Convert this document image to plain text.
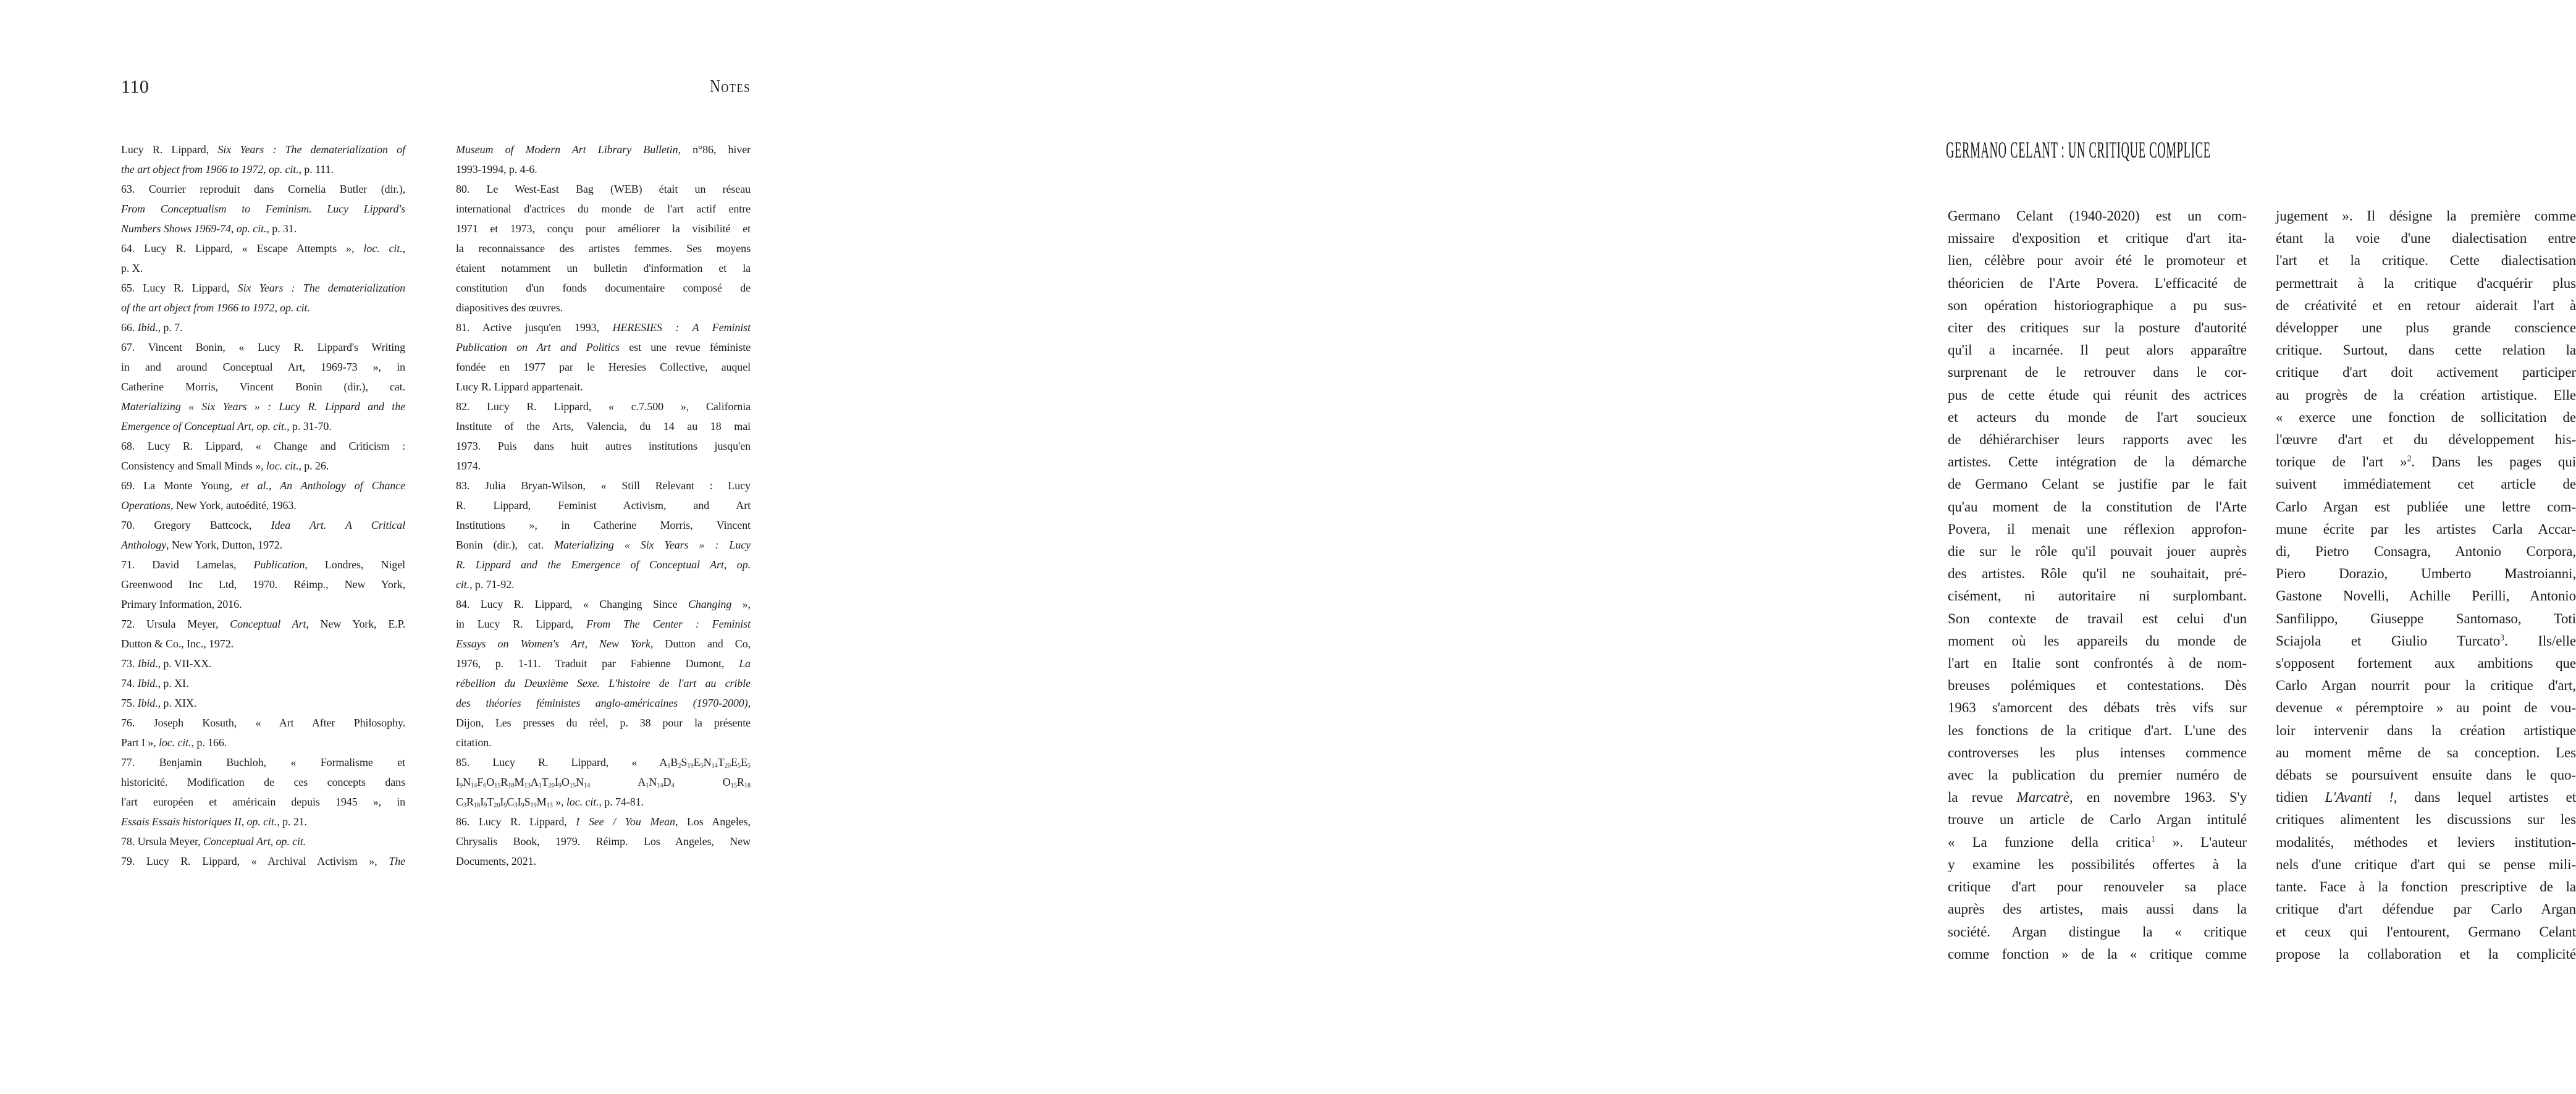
110	Notes
Lucy R. Lippard, Six Years : The dematerialization of
the art object from 1966 to 1972, op. cit., p. 111.
63. Courrier reproduit dans Cornelia Butler (dir.),
From Conceptualism to Feminism. Lucy Lippard's
Numbers Shows 1969-74, op. cit., p. 31.
64. Lucy R. Lippard, « Escape Attempts », loc. cit.,
p. X.
65. Lucy R. Lippard, Six Years : The dematerialization
of the art object from 1966 to 1972, op. cit.
66. Ibid., p. 7.
67. Vincent Bonin, « Lucy R. Lippard's Writing
in and around Conceptual Art, 1969-73 », in
Catherine Morris, Vincent Bonin (dir.), cat.
Materializing « Six Years » : Lucy R. Lippard and the
Emergence of Conceptual Art, op. cit., p. 31-70.
68. Lucy R. Lippard, « Change and Criticism :
Consistency and Small Minds », loc. cit., p. 26.
69. La Monte Young, et al., An Anthology of Chance
Operations, New York, autoédité, 1963.
70. Gregory Battcock, Idea Art. A Critical
Anthology, New York, Dutton, 1972.
71. David Lamelas, Publication, Londres, Nigel
Greenwood Inc Ltd, 1970. Réimp., New York,
Primary Information, 2016.
72. Ursula Meyer, Conceptual Art, New York, E.P.
Dutton & Co., Inc., 1972.
73. Ibid., p. VII-XX.
74. Ibid., p. XI.
75. Ibid., p. XIX.
76. Joseph Kosuth, « Art After Philosophy.
Part I », loc. cit., p. 166.
77. Benjamin Buchloh, « Formalisme et
historicité. Modification de ces concepts dans
l'art européen et américain depuis 1945 », in
Essais Essais historiques II, op. cit., p. 21.
78. Ursula Meyer, Conceptual Art, op. cit.
79. Lucy R. Lippard, « Archival Activism », The
Museum of Modern Art Library Bulletin, n°86, hiver
1993-1994, p. 4-6.
80. Le West-East Bag (WEB) était un réseau
international d'actrices du monde de l'art actif entre
1971 et 1973, conçu pour améliorer la visibilité et
la reconnaissance des artistes femmes. Ses moyens
étaient notamment un bulletin d'information et la
constitution d'un fonds documentaire composé de
diapositives des œuvres.
81. Active jusqu'en 1993, HERESIES : A Feminist
Publication on Art and Politics est une revue féministe
fondée en 1977 par le Heresies Collective, auquel
Lucy R. Lippard appartenait.
82. Lucy R. Lippard, « c.7.500 », California
Institute of the Arts, Valencia, du 14 au 18 mai
1973. Puis dans huit autres institutions jusqu'en
1974.
83. Julia Bryan-Wilson, « Still Relevant : Lucy
R. Lippard, Feminist Activism, and Art
Institutions », in Catherine Morris, Vincent
Bonin (dir.), cat. Materializing « Six Years » : Lucy
R. Lippard and the Emergence of Conceptual Art, op.
cit., p. 71-92.
84. Lucy R. Lippard, « Changing Since Changing »,
in Lucy R. Lippard, From The Center : Feminist
Essays on Women's Art, New York, Dutton and Co,
1976, p. 1-11. Traduit par Fabienne Dumont, La
rébellion du Deuxième Sexe. L'histoire de l'art au crible
des théories féministes anglo-américaines (1970-2000),
Dijon, Les presses du réel, p. 38 pour la présente
citation.
85. Lucy R. Lippard, « $A_1B_2S_{19}E_5N_{14}T_{20}E_5E_5$
$I_9N_{14}F_6O_{15}R_{18}M_{13}A_1T_{20}I_9O_{15}N_{14}$ $A_1N_{14}D_4$ $O_{15}R_{18}$
$C_3R_{18}I_9T_{20}I_9C_3I_9S_{19}M_{13}$ », loc. cit., p. 74-81.
86. Lucy R. Lippard, I See / You Mean, Los Angeles,
Chrysalis Book, 1979. Réimp. Los Angeles, New
Documents, 2021.
GERMANO CELANT : UN CRITIQUE COMPLICE
Germano Celant (1940-2020) est un com-
missaire d'exposition et critique d'art ita-
lien, célèbre pour avoir été le promoteur et
théoricien de l'Arte Povera. L'efficacité de
son opération historiographique a pu sus-
citer des critiques sur la posture d'autorité
qu'il a incarnée. Il peut alors apparaître
surprenant de le retrouver dans le cor-
pus de cette étude qui réunit des actrices
et acteurs du monde de l'art soucieux
de déhiérarchiser leurs rapports avec les
artistes. Cette intégration de la démarche
de Germano Celant se justifie par le fait
qu'au moment de la constitution de l'Arte
Povera, il menait une réflexion approfon-
die sur le rôle qu'il pouvait jouer auprès
des artistes. Rôle qu'il ne souhaitait, pré-
cisément, ni autoritaire ni surplombant.
Son contexte de travail est celui d'un
moment où les appareils du monde de
l'art en Italie sont confrontés à de nom-
breuses polémiques et contestations. Dès
1963 s'amorcent des débats très vifs sur
les fonctions de la critique d'art. L'une des
controverses les plus intenses commence
avec la publication du premier numéro de
la revue Marcatrè, en novembre 1963. S'y
trouve un article de Carlo Argan intitulé
« La funzione della critica$^1$ ». L'auteur
y examine les possibilités offertes à la
critique d'art pour renouveler sa place
auprès des artistes, mais aussi dans la
société. Argan distingue la « critique
comme fonction » de la « critique comme
jugement ». Il désigne la première comme
étant la voie d'une dialectisation entre
l'art et la critique. Cette dialectisation
permettrait à la critique d'acquérir plus
de créativité et en retour aiderait l'art à
développer une plus grande conscience
critique. Surtout, dans cette relation la
critique d'art doit activement participer
au progrès de la création artistique. Elle
« exerce une fonction de sollicitation de
l'œuvre d'art et du développement his-
torique de l'art »$^2$. Dans les pages qui
suivent immédiatement cet article de
Carlo Argan est publiée une lettre com-
mune écrite par les artistes Carla Accar-
di, Pietro Consagra, Antonio Corpora,
Piero Dorazio, Umberto Mastroianni,
Gastone Novelli, Achille Perilli, Antonio
Sanfilippo, Giuseppe Santomaso, Toti
Sciajola et Giulio Turcato$^3$. Ils/elle
s'opposent fortement aux ambitions que
Carlo Argan nourrit pour la critique d'art,
devenue « péremptoire » au point de vou-
loir intervenir dans la création artistique
au moment même de sa conception. Les
débats se poursuivent ensuite dans le quo-
tidien L'Avanti !, dans lequel artistes et
critiques alimentent les discussions sur les
modalités, méthodes et leviers institution-
nels d'une critique d'art qui se pense mili-
tante. Face à la fonction prescriptive de la
critique d'art défendue par Carlo Argan
et ceux qui l'entourent, Germano Celant
propose la collaboration et la complicité
